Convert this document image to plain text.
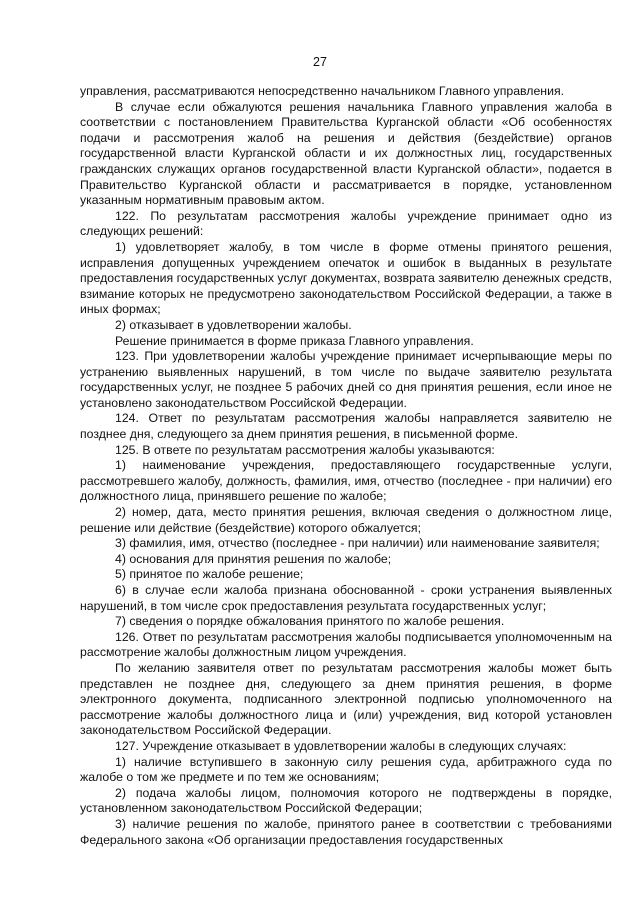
27

управления, рассматриваются непосредственно начальником Главного управления.

В случае если обжалуются решения начальника Главного управления жалоба в соответствии с постановлением Правительства Курганской области «Об особенностях подачи и рассмотрения жалоб на решения и действия (бездействие) органов государственной власти Курганской области и их должностных лиц, государственных гражданских служащих органов государственной власти Курганской области», подается в Правительство Курганской области и рассматривается в порядке, установленном указанным нормативным правовым актом.

122. По результатам рассмотрения жалобы учреждение принимает одно из следующих решений:

1) удовлетворяет жалобу, в том числе в форме отмены принятого решения, исправления допущенных учреждением опечаток и ошибок в выданных в результате предоставления государственных услуг документах, возврата заявителю денежных средств, взимание которых не предусмотрено законодательством Российской Федерации, а также в иных формах;

2) отказывает в удовлетворении жалобы.

Решение принимается в форме приказа Главного управления.

123. При удовлетворении жалобы учреждение принимает исчерпывающие меры по устранению выявленных нарушений, в том числе по выдаче заявителю результата государственных услуг, не позднее 5 рабочих дней со дня принятия решения, если иное не установлено законодательством Российской Федерации.

124. Ответ по результатам рассмотрения жалобы направляется заявителю не позднее дня, следующего за днем принятия решения, в письменной форме.

125. В ответе по результатам рассмотрения жалобы указываются:

1) наименование учреждения, предоставляющего государственные услуги, рассмотревшего жалобу, должность, фамилия, имя, отчество (последнее - при наличии) его должностного лица, принявшего решение по жалобе;

2) номер, дата, место принятия решения, включая сведения о должностном лице, решение или действие (бездействие) которого обжалуется;

3) фамилия, имя, отчество (последнее - при наличии) или наименование заявителя;

4) основания для принятия решения по жалобе;

5) принятое по жалобе решение;

6) в случае если жалоба признана обоснованной - сроки устранения выявленных нарушений, в том числе срок предоставления результата государственных услуг;

7) сведения о порядке обжалования принятого по жалобе решения.

126. Ответ по результатам рассмотрения жалобы подписывается уполномоченным на рассмотрение жалобы должностным лицом учреждения.

По желанию заявителя ответ по результатам рассмотрения жалобы может быть представлен не позднее дня, следующего за днем принятия решения, в форме электронного документа, подписанного электронной подписью уполномоченного на рассмотрение жалобы должностного лица и (или) учреждения, вид которой установлен законодательством Российской Федерации.

127. Учреждение отказывает в удовлетворении жалобы в следующих случаях:

1) наличие вступившего в законную силу решения суда, арбитражного суда по жалобе о том же предмете и по тем же основаниям;

2) подача жалобы лицом, полномочия которого не подтверждены в порядке, установленном законодательством Российской Федерации;

3) наличие решения по жалобе, принятого ранее в соответствии с требованиями Федерального закона «Об организации предоставления государственных
